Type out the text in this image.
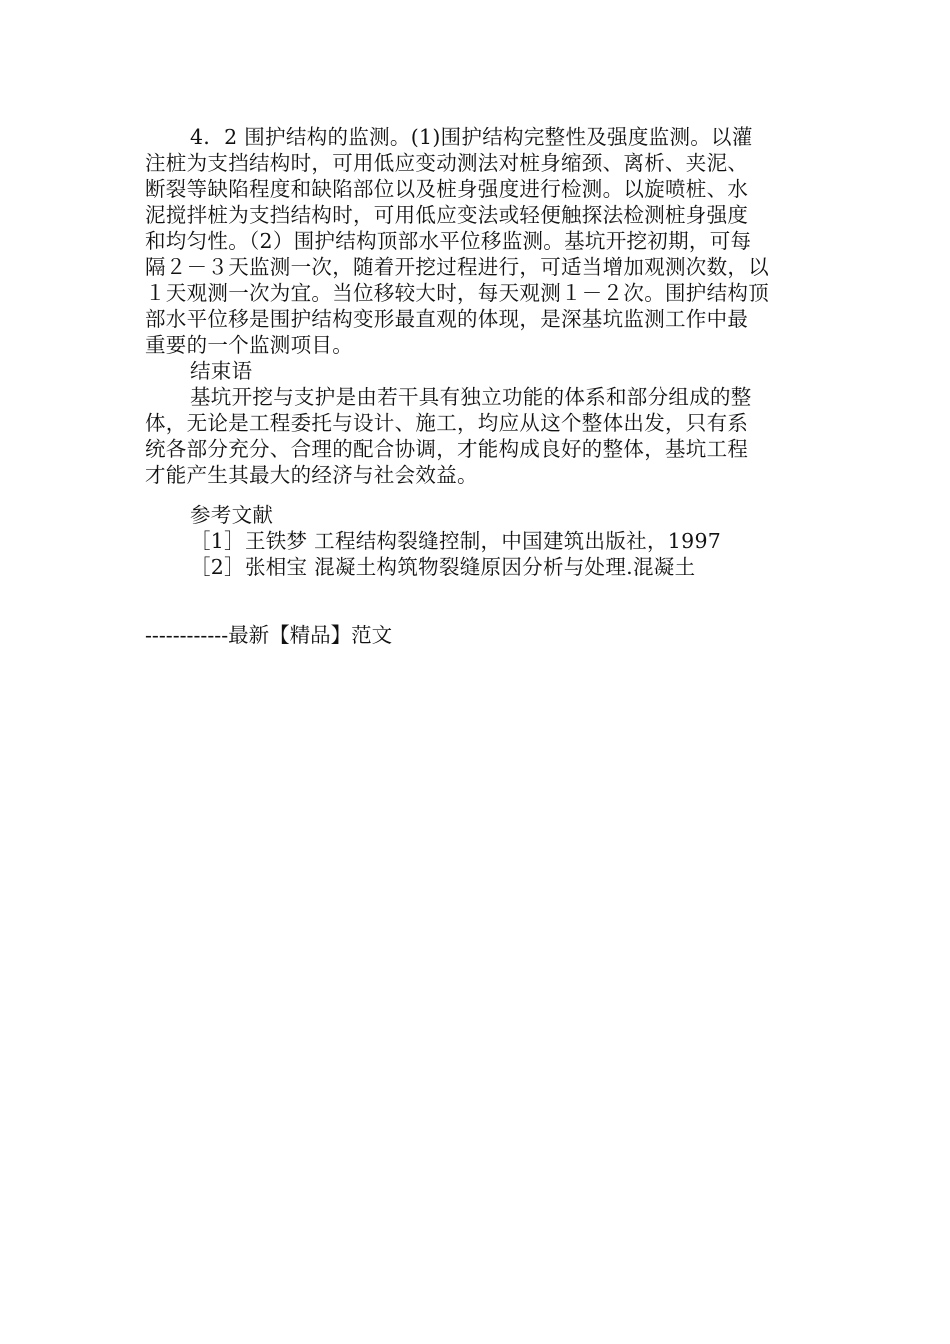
4．2 围护结构的监测。(1)围护结构完整性及强度监测。以灌
注桩为支挡结构时，可用低应变动测法对桩身缩颈、离析、夹泥、
断裂等缺陷程度和缺陷部位以及桩身强度进行检测。以旋喷桩、水
泥搅拌桩为支挡结构时，可用低应变法或轻便触探法检测桩身强度
和均匀性。（2）围护结构顶部水平位移监测。基坑开挖初期，可每
隔２－３天监测一次，随着开挖过程进行，可适当增加观测次数，以
１天观测一次为宜。当位移较大时，每天观测１－２次。围护结构顶
部水平位移是围护结构变形最直观的体现，是深基坑监测工作中最
重要的一个监测项目。
结束语
基坑开挖与支护是由若干具有独立功能的体系和部分组成的整
体，无论是工程委托与设计、施工，均应从这个整体出发，只有系
统各部分充分、合理的配合协调，才能构成良好的整体，基坑工程
才能产生其最大的经济与社会效益。
参考文献
［1］王铁梦 工程结构裂缝控制，中国建筑出版社，1997
［2］张相宝 混凝土构筑物裂缝原因分析与处理.混凝土
------------最新【精品】范文
